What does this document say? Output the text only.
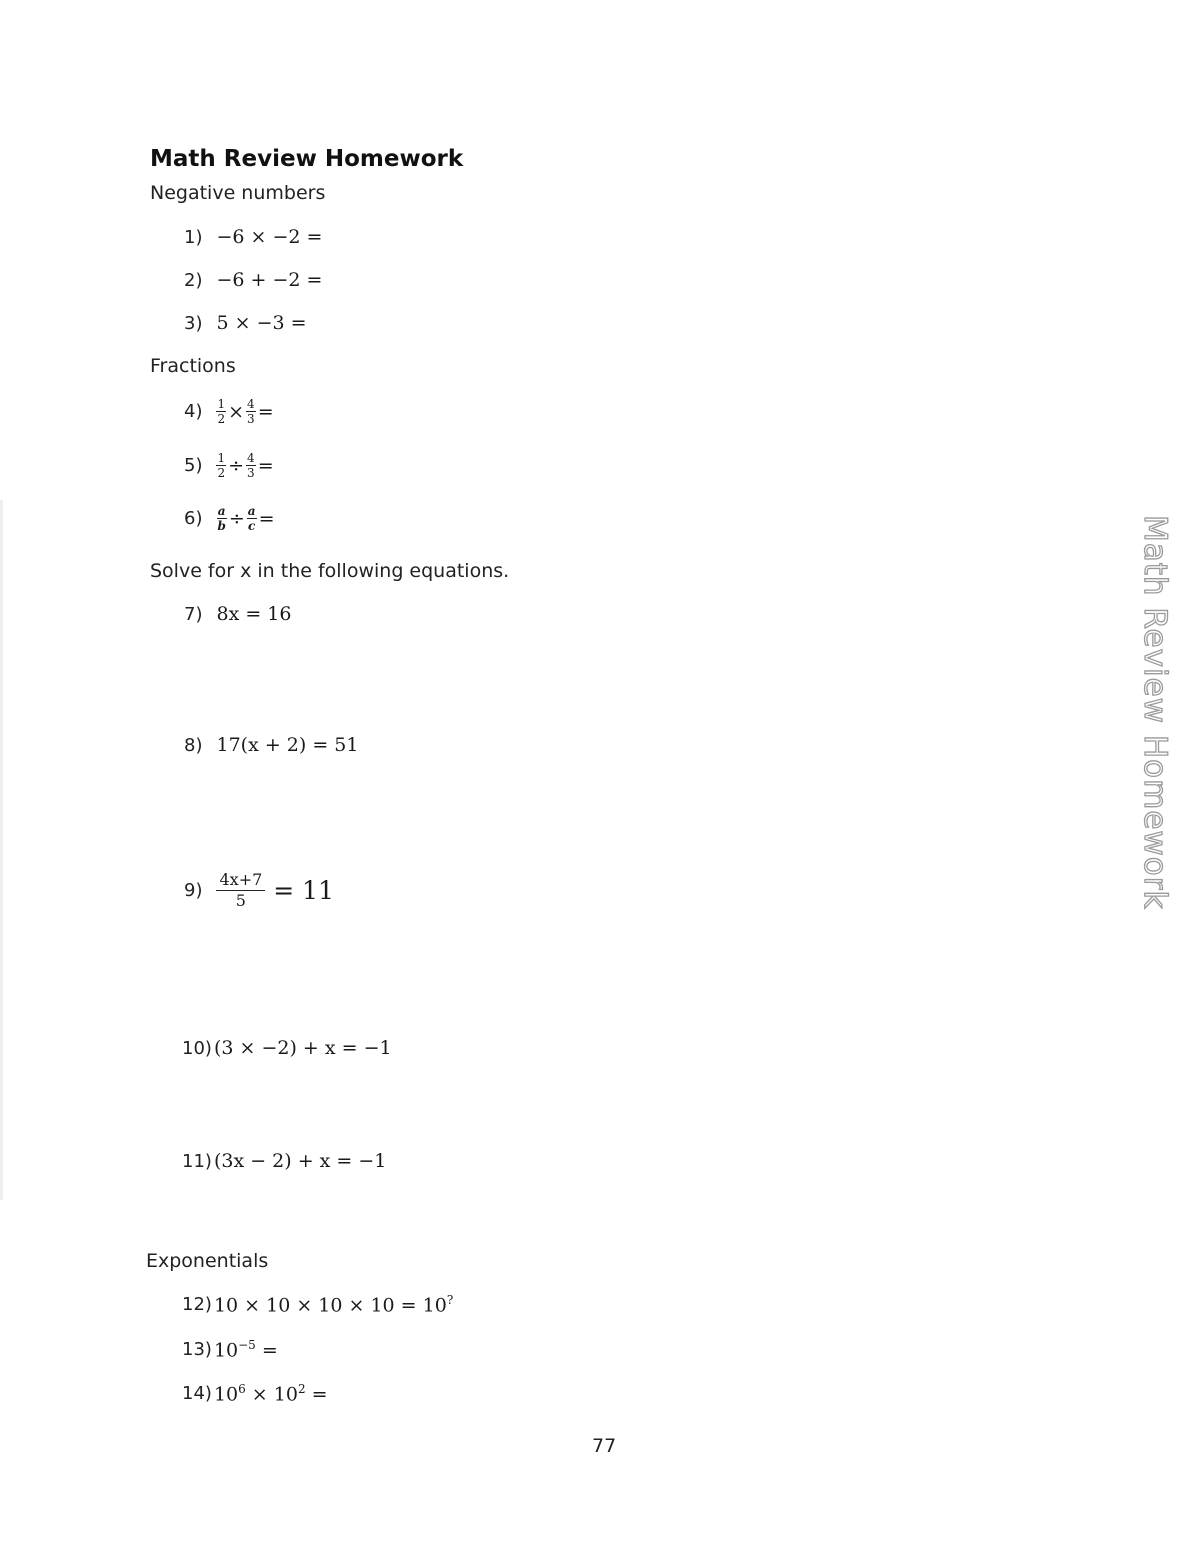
Math Review Homework
Negative numbers
1) −6 × −2 =
2) −6 + −2 =
3) 5 × −3 =
Fractions
$4) \frac{1}{2} \times \frac{4}{3}$ =
$5) \frac{1}{2} \div \frac{4}{3}$ =
$6) \frac{a}{b} \div \frac{a}{c}$ =
Solve for x in the following equations.
7) 8x = 16
8) 17(x + 2) = 51
$9) \frac{4x+7}{5} = 11$
10) (3 × −2) + x = −1
11) (3x − 2) + x = −1
Exponentials
12) 10 × 10 × 10 × 10 = 10?
13) $10^{-5}$ =
14) $10^6 \times 10^2$ =
77
Math Review Homework
